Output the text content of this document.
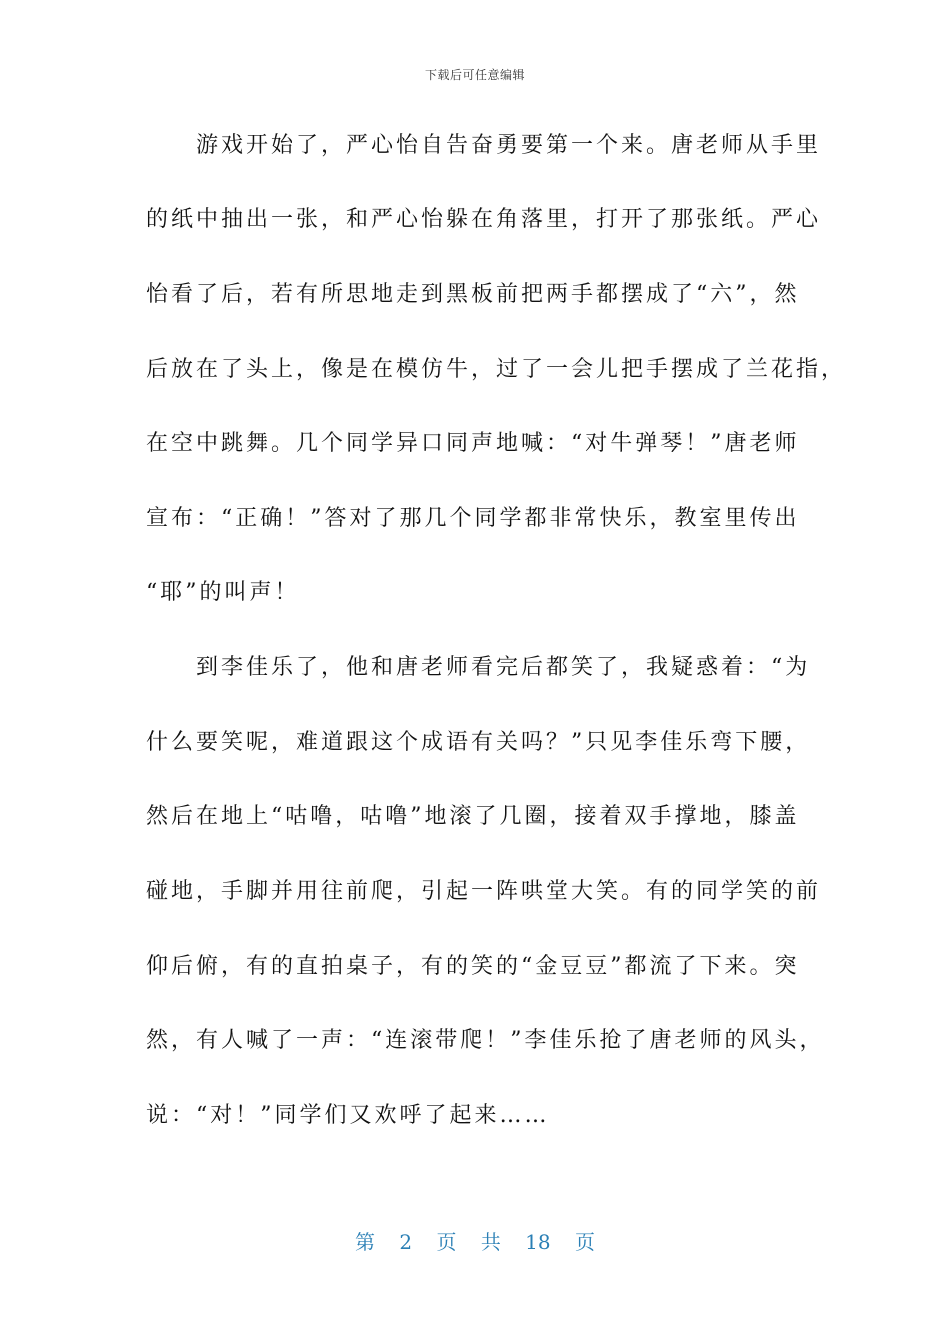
下载后可任意编辑
　　游戏开始了，严心怡自告奋勇要第一个来。唐老师从手里
的纸中抽出一张，和严心怡躲在角落里，打开了那张纸。严心
怡看了后，若有所思地走到黑板前把两手都摆成了“六”，然
后放在了头上，像是在模仿牛，过了一会儿把手摆成了兰花指，
在空中跳舞。几个同学异口同声地喊：“对牛弹琴！”唐老师
宣布：“正确！”答对了那几个同学都非常快乐，教室里传出
“耶”的叫声！
　　到李佳乐了，他和唐老师看完后都笑了，我疑惑着：“为
什么要笑呢，难道跟这个成语有关吗？”只见李佳乐弯下腰，
然后在地上“咕噜，咕噜”地滚了几圈，接着双手撑地，膝盖
碰地，手脚并用往前爬，引起一阵哄堂大笑。有的同学笑的前
仰后俯，有的直拍桌子，有的笑的“金豆豆”都流了下来。突
然，有人喊了一声：“连滚带爬！”李佳乐抢了唐老师的风头，
说：“对！”同学们又欢呼了起来……
第 2 页 共 18 页
